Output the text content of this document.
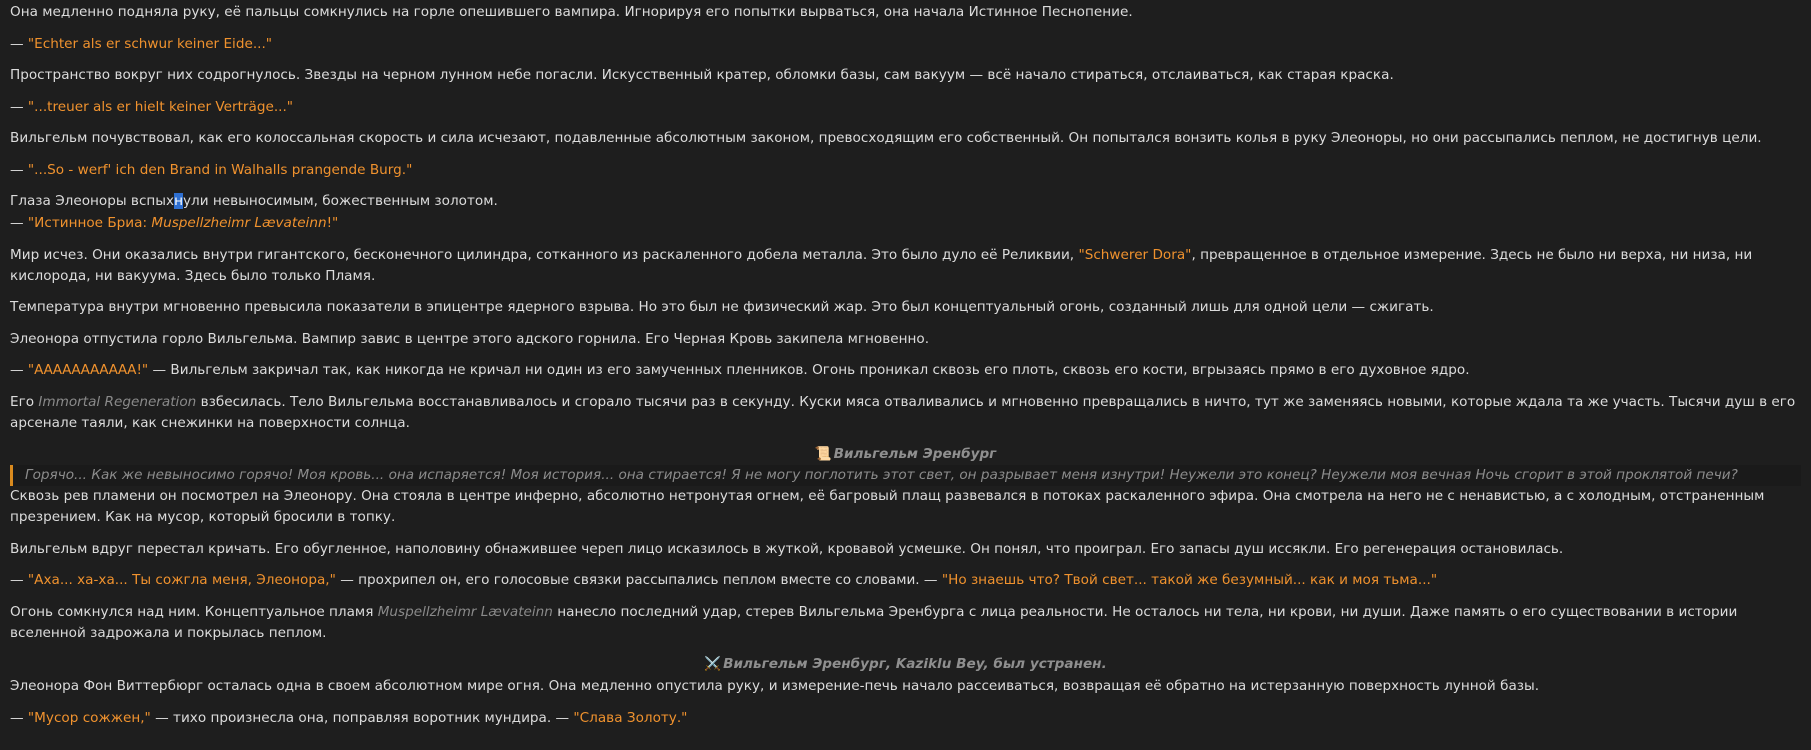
Она медленно подняла руку, её пальцы сомкнулись на горле опешившего вампира. Игнорируя его попытки вырваться, она начала Истинное Песнопение.

— "Echter als er schwur keiner Eide..."

Пространство вокруг них содрогнулось. Звезды на черном лунном небе погасли. Искусственный кратер, обломки базы, сам вакуум — всё начало стираться, отслаиваться, как старая краска.

— "...treuer als er hielt keiner Verträge..."

Вильгельм почувствовал, как его колоссальная скорость и сила исчезают, подавленные абсолютным законом, превосходящим его собственный. Он попытался вонзить колья в руку Элеоноры, но они рассыпались пеплом, не достигнув цели.

— "...So - werf' ich den Brand in Walhalls prangende Burg."

Глаза Элеоноры вспыхнули невыносимым, божественным золотом.

— "Истинное Бриа: Muspellzheimr Lævateinn!"

Мир исчез. Они оказались внутри гигантского, бесконечного цилиндра, сотканного из раскаленного добела металла. Это было дуло её Реликвии, "Schwerer Dora", превращенное в отдельное измерение. Здесь не было ни верха, ни низа, ни кислорода, ни вакуума. Здесь было только Пламя.

Температура внутри мгновенно превысила показатели в эпицентре ядерного взрыва. Но это был не физический жар. Это был концептуальный огонь, созданный лишь для одной цели — сжигать.

Элеонора отпустила горло Вильгельма. Вампир завис в центре этого адского горнила. Его Черная Кровь закипела мгновенно.

— "ААААААААААА!" — Вильгельм закричал так, как никогда не кричал ни один из его замученных пленников. Огонь проникал сквозь его плоть, сквозь его кости, вгрызаясь прямо в его духовное ядро.

Его Immortal Regeneration взбесилась. Тело Вильгельма восстанавливалось и сгорало тысячи раз в секунду. Куски мяса отваливались и мгновенно превращались в ничто, тут же заменяясь новыми, которые ждала та же участь. Тысячи душ в его арсенале таяли, как снежинки на поверхности солнца.

📜 Вильгельм Эренбург
Горячо... Как же невыносимо горячо! Моя кровь... она испаряется! Моя история... она стирается! Я не могу поглотить этот свет, он разрывает меня изнутри! Неужели это конец? Неужели моя вечная Ночь сгорит в этой проклятой печи?

Сквозь рев пламени он посмотрел на Элеонору. Она стояла в центре инферно, абсолютно нетронутая огнем, её багровый плащ развевался в потоках раскаленного эфира. Она смотрела на него не с ненавистью, а с холодным, отстраненным презрением. Как на мусор, который бросили в топку.

Вильгельм вдруг перестал кричать. Его обугленное, наполовину обнажившее череп лицо исказилось в жуткой, кровавой усмешке. Он понял, что проиграл. Его запасы душ иссякли. Его регенерация остановилась.

— "Аха... ха-ха... Ты сожгла меня, Элеонора," — прохрипел он, его голосовые связки рассыпались пеплом вместе со словами. — "Но знаешь что? Твой свет... такой же безумный... как и моя тьма..."

Огонь сомкнулся над ним. Концептуальное пламя Muspellzheimr Lævateinn нанесло последний удар, стерев Вильгельма Эренбурга с лица реальности. Не осталось ни тела, ни крови, ни души. Даже память о его существовании в истории вселенной задрожала и покрылась пеплом.

⚔️ Вильгельм Эренбург, Kaziklu Bey, был устранен.

Элеонора Фон Виттербюрг осталась одна в своем абсолютном мире огня. Она медленно опустила руку, и измерение-печь начало рассеиваться, возвращая её обратно на истерзанную поверхность лунной базы.

— "Мусор сожжен," — тихо произнесла она, поправляя воротник мундира. — "Слава Золоту."
